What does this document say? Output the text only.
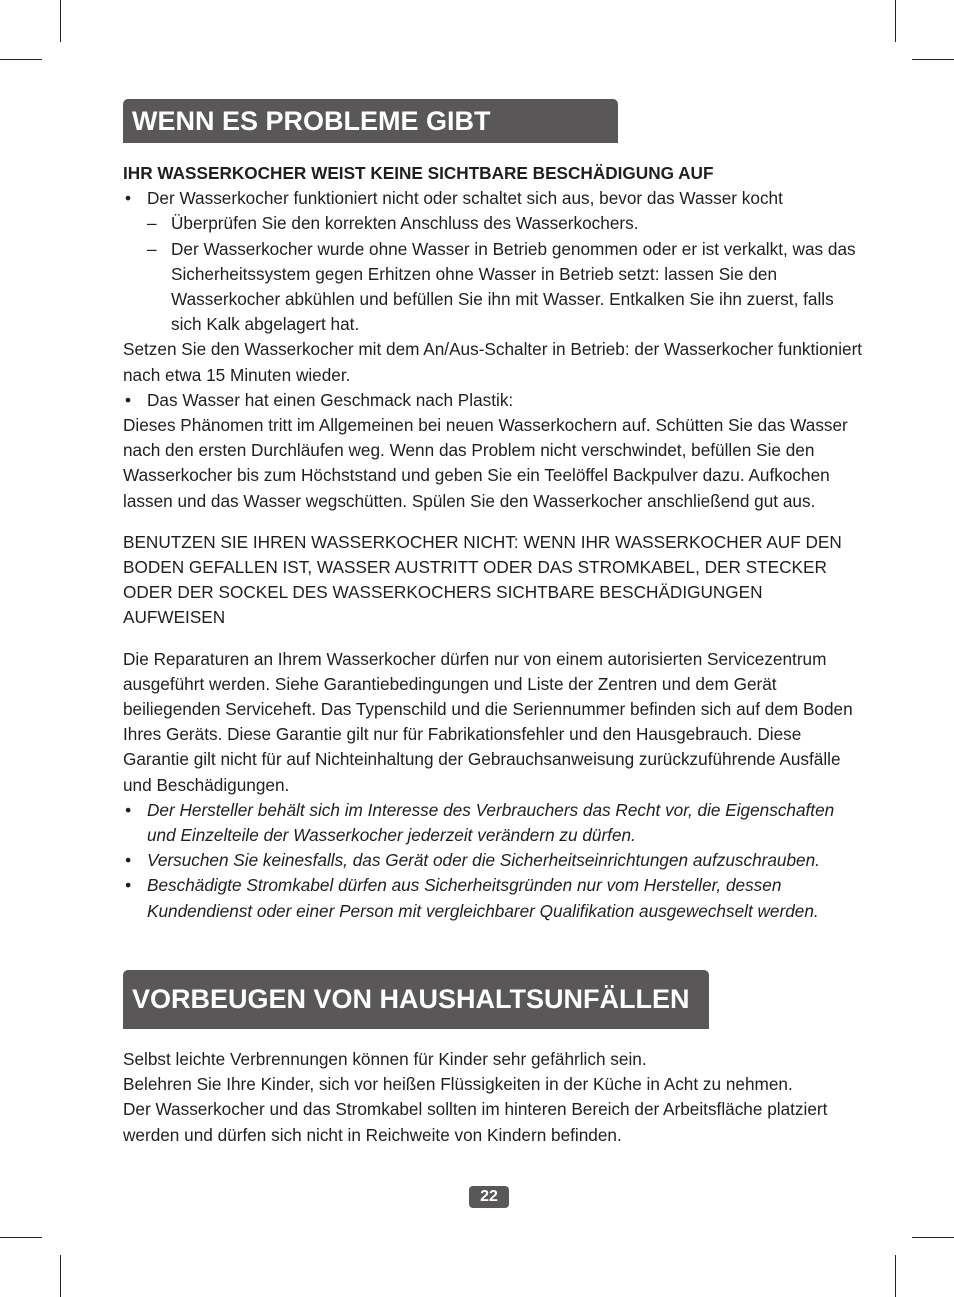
WENN ES PROBLEME GIBT
IHR WASSERKOCHER WEIST KEINE SICHTBARE BESCHÄDIGUNG AUF
• Der Wasserkocher funktioniert nicht oder schaltet sich aus, bevor das Wasser kocht
– Überprüfen Sie den korrekten Anschluss des Wasserkochers.
– Der Wasserkocher wurde ohne Wasser in Betrieb genommen oder er ist verkalkt, was das Sicherheitssystem gegen Erhitzen ohne Wasser in Betrieb setzt: lassen Sie den Wasserkocher abkühlen und befüllen Sie ihn mit Wasser. Entkalken Sie ihn zuerst, falls sich Kalk abgelagert hat.
Setzen Sie den Wasserkocher mit dem An/Aus-Schalter in Betrieb: der Wasserkocher funktioniert nach etwa 15 Minuten wieder.
• Das Wasser hat einen Geschmack nach Plastik:
Dieses Phänomen tritt im Allgemeinen bei neuen Wasserkochern auf. Schütten Sie das Wasser nach den ersten Durchläufen weg. Wenn das Problem nicht verschwindet, befüllen Sie den Wasserkocher bis zum Höchststand und geben Sie ein Teelöffel Backpulver dazu. Aufkochen lassen und das Wasser wegschütten. Spülen Sie den Wasserkocher anschließend gut aus.
BENUTZEN SIE IHREN WASSERKOCHER NICHT: WENN IHR WASSERKOCHER AUF DEN BODEN GEFALLEN IST, WASSER AUSTRITT ODER DAS STROMKABEL, DER STECKER ODER DER SOCKEL DES WASSERKOCHERS SICHTBARE BESCHÄDIGUNGEN AUFWEISEN
Die Reparaturen an Ihrem Wasserkocher dürfen nur von einem autorisierten Servicezentrum ausgeführt werden. Siehe Garantiebedingungen und Liste der Zentren und dem Gerät beiliegenden Serviceheft. Das Typenschild und die Seriennummer befinden sich auf dem Boden Ihres Geräts. Diese Garantie gilt nur für Fabrikationsfehler und den Hausgebrauch. Diese Garantie gilt nicht für auf Nichteinhaltung der Gebrauchsanweisung zurückzuführende Ausfälle und Beschädigungen.
• Der Hersteller behält sich im Interesse des Verbrauchers das Recht vor, die Eigenschaften und Einzelteile der Wasserkocher jederzeit verändern zu dürfen.
• Versuchen Sie keinesfalls, das Gerät oder die Sicherheitseinrichtungen aufzuschrauben.
• Beschädigte Stromkabel dürfen aus Sicherheitsgründen nur vom Hersteller, dessen Kundendienst oder einer Person mit vergleichbarer Qualifikation ausgewechselt werden.
VORBEUGEN VON HAUSHALTSUNFÄLLEN
Selbst leichte Verbrennungen können für Kinder sehr gefährlich sein.
Belehren Sie Ihre Kinder, sich vor heißen Flüssigkeiten in der Küche in Acht zu nehmen.
Der Wasserkocher und das Stromkabel sollten im hinteren Bereich der Arbeitsfläche platziert werden und dürfen sich nicht in Reichweite von Kindern befinden.
22
